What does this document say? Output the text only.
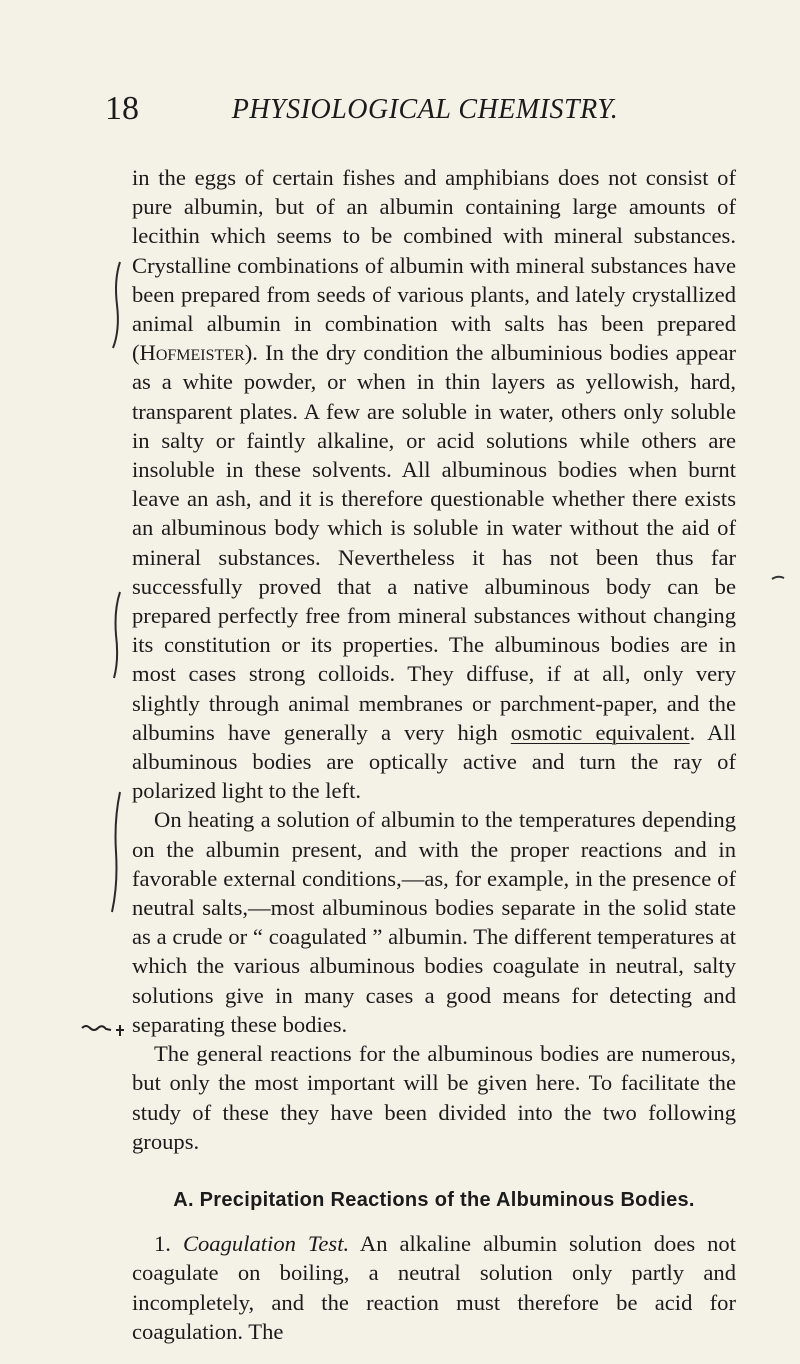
18	PHYSIOLOGICAL CHEMISTRY.

in the eggs of certain fishes and amphibians does not consist of pure albumin, but of an albumin containing large amounts of lecithin which seems to be combined with mineral substances. Crystalline combinations of albumin with mineral substances have been prepared from seeds of various plants, and lately crystallized animal albumin in combination with salts has been prepared (Hofmeister). In the dry condition the albuminious bodies appear as a white powder, or when in thin layers as yellowish, hard, transparent plates. A few are soluble in water, others only soluble in salty or faintly alkaline, or acid solutions while others are insoluble in these solvents. All albuminous bodies when burnt leave an ash, and it is therefore questionable whether there exists an albuminous body which is soluble in water without the aid of mineral substances. Nevertheless it has not been thus far successfully proved that a native albuminous body can be prepared perfectly free from mineral substances without changing its constitution or its properties. The albuminous bodies are in most cases strong colloids. They diffuse, if at all, only very slightly through animal membranes or parchment-paper, and the albumins have generally a very high osmotic equivalent. All albuminous bodies are optically active and turn the ray of polarized light to the left.

On heating a solution of albumin to the temperatures depending on the albumin present, and with the proper reactions and in favorable external conditions,—as, for example, in the presence of neutral salts,—most albuminous bodies separate in the solid state as a crude or “ coagulated ” albumin. The different temperatures at which the various albuminous bodies coagulate in neutral, salty solutions give in many cases a good means for detecting and separating these bodies.

The general reactions for the albuminous bodies are numerous, but only the most important will be given here. To facilitate the study of these they have been divided into the two following groups.

A. Precipitation Reactions of the Albuminous Bodies.

1. Coagulation Test. An alkaline albumin solution does not coagulate on boiling, a neutral solution only partly and incompletely, and the reaction must therefore be acid for coagulation. The
